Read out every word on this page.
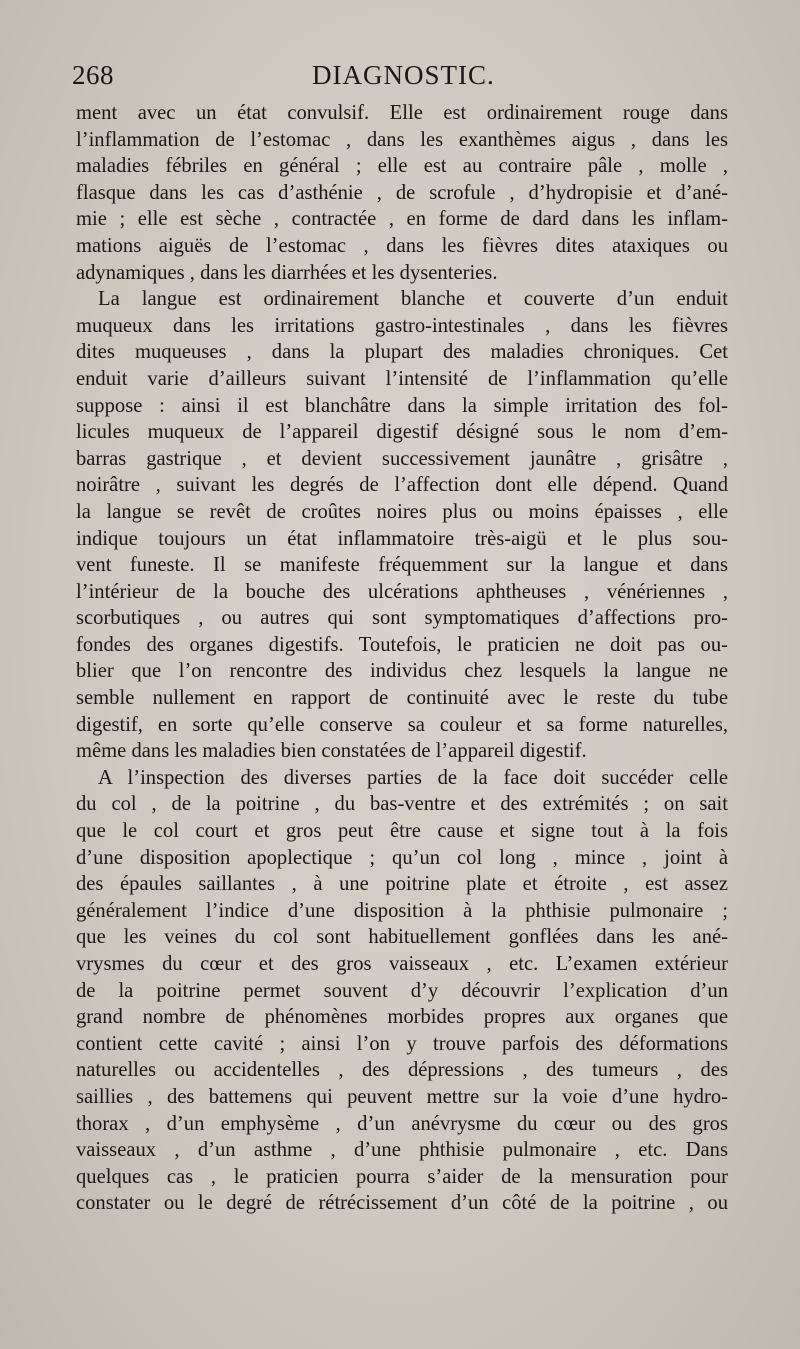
268	DIAGNOSTIC.
ment avec un état convulsif. Elle est ordinairement rouge dans
l’inflammation de l’estomac , dans les exanthèmes aigus , dans les
maladies fébriles en général ; elle est au contraire pâle , molle ,
flasque dans les cas d’asthénie , de scrofule , d’hydropisie et d’ané-
mie ; elle est sèche , contractée , en forme de dard dans les inflam-
mations aiguës de l’estomac , dans les fièvres dites ataxiques ou
adynamiques , dans les diarrhées et les dysenteries.
La langue est ordinairement blanche et couverte d’un enduit
muqueux dans les irritations gastro-intestinales , dans les fièvres
dites muqueuses , dans la plupart des maladies chroniques. Cet
enduit varie d’ailleurs suivant l’intensité de l’inflammation qu’elle
suppose : ainsi il est blanchâtre dans la simple irritation des fol-
licules muqueux de l’appareil digestif désigné sous le nom d’em-
barras gastrique , et devient successivement jaunâtre , grisâtre ,
noirâtre , suivant les degrés de l’affection dont elle dépend. Quand
la langue se revêt de croûtes noires plus ou moins épaisses , elle
indique toujours un état inflammatoire très-aigü et le plus sou-
vent funeste. Il se manifeste fréquemment sur la langue et dans
l’intérieur de la bouche des ulcérations aphtheuses , vénériennes ,
scorbutiques , ou autres qui sont symptomatiques d’affections pro-
fondes des organes digestifs. Toutefois, le praticien ne doit pas ou-
blier que l’on rencontre des individus chez lesquels la langue ne
semble nullement en rapport de continuité avec le reste du tube
digestif, en sorte qu’elle conserve sa couleur et sa forme naturelles,
même dans les maladies bien constatées de l’appareil digestif.
A l’inspection des diverses parties de la face doit succéder celle
du col , de la poitrine , du bas-ventre et des extrémités ; on sait
que le col court et gros peut être cause et signe tout à la fois
d’une disposition apoplectique ; qu’un col long , mince , joint à
des épaules saillantes , à une poitrine plate et étroite , est assez
généralement l’indice d’une disposition à la phthisie pulmonaire ;
que les veines du col sont habituellement gonflées dans les ané-
vrysmes du cœur et des gros vaisseaux , etc. L’examen extérieur
de la poitrine permet souvent d’y découvrir l’explication d’un
grand nombre de phénomènes morbides propres aux organes que
contient cette cavité ; ainsi l’on y trouve parfois des déformations
naturelles ou accidentelles , des dépressions , des tumeurs , des
saillies , des battemens qui peuvent mettre sur la voie d’une hydro-
thorax , d’un emphysème , d’un anévrysme du cœur ou des gros
vaisseaux , d’un asthme , d’une phthisie pulmonaire , etc. Dans
quelques cas , le praticien pourra s’aider de la mensuration pour
constater ou le degré de rétrécissement d’un côté de la poitrine , ou
